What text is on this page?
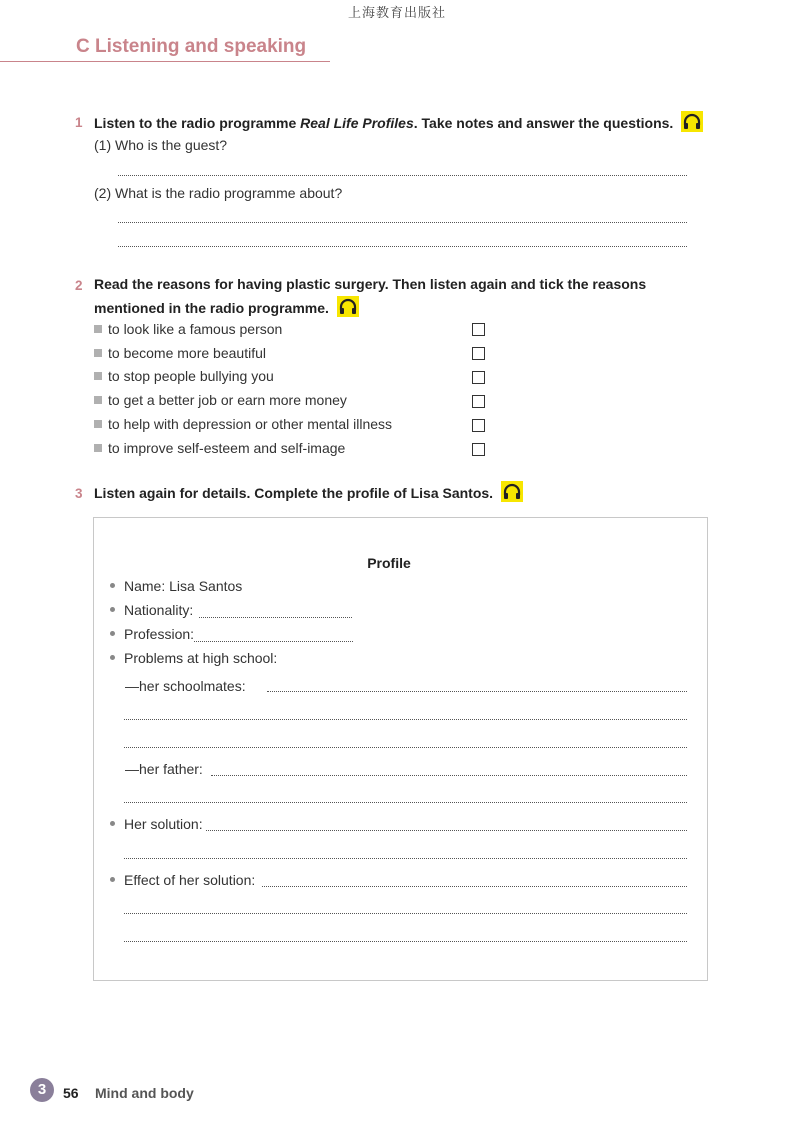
上海教育出版社
C Listening and speaking
1 Listen to the radio programme Real Life Profiles. Take notes and answer the questions.
(1) Who is the guest?
(2) What is the radio programme about?
2 Read the reasons for having plastic surgery. Then listen again and tick the reasons
mentioned in the radio programme.
to look like a famous person
to become more beautiful
to stop people bullying you
to get a better job or earn more money
to help with depression or other mental illness
to improve self-esteem and self-image
3 Listen again for details. Complete the profile of Lisa Santos.
Profile
Name: Lisa Santos
Nationality:
Profession:
Problems at high school:
—her schoolmates:
—her father:
Her solution:
Effect of her solution:
3	56 Mind and body
